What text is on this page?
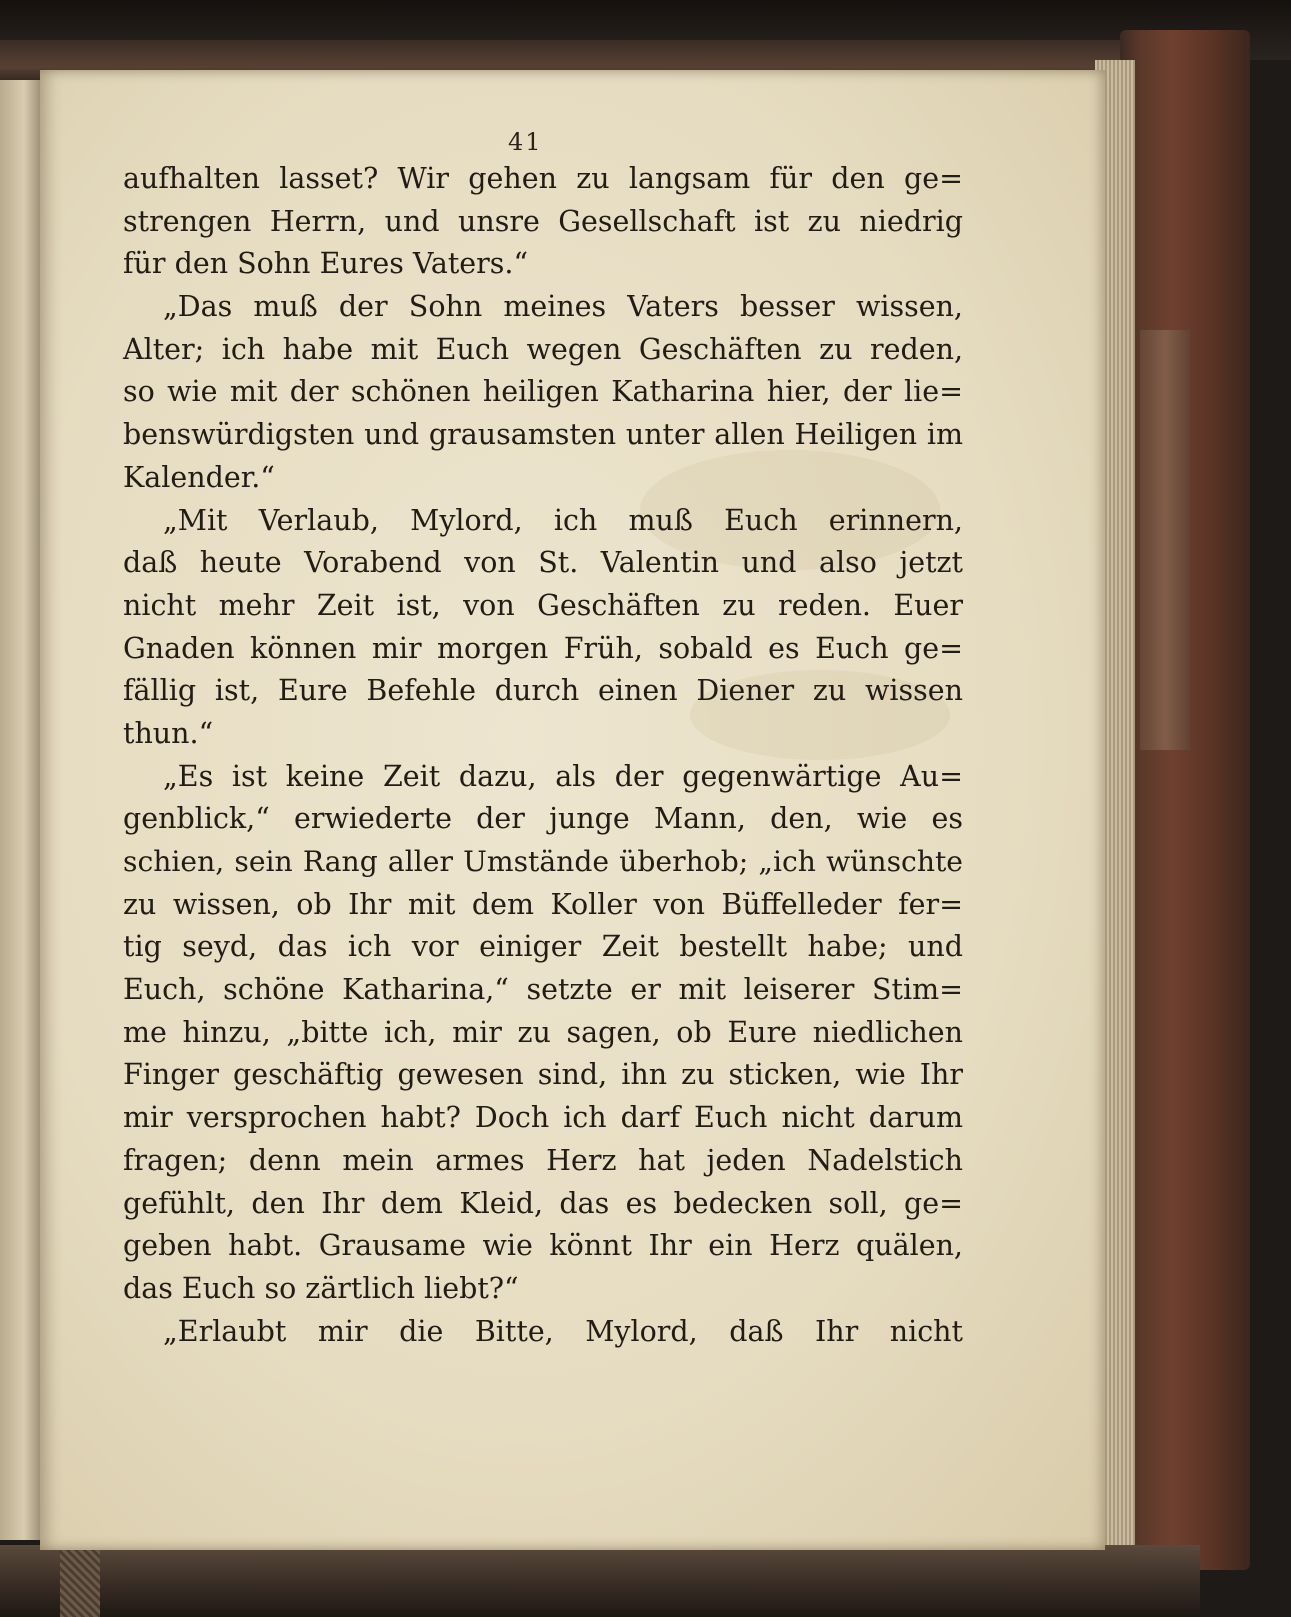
41
aufhalten lasset? Wir gehen zu langsam für den ge=
strengen Herrn, und unsre Gesellschaft ist zu niedrig
für den Sohn Eures Vaters.“
„Das muß der Sohn meines Vaters besser wissen,
Alter; ich habe mit Euch wegen Geschäften zu reden,
so wie mit der schönen heiligen Katharina hier, der lie=
benswürdigsten und grausamsten unter allen Heiligen im
Kalender.“
„Mit Verlaub, Mylord, ich muß Euch erinnern,
daß heute Vorabend von St. Valentin und also jetzt
nicht mehr Zeit ist, von Geschäften zu reden. Euer
Gnaden können mir morgen Früh, sobald es Euch ge=
fällig ist, Eure Befehle durch einen Diener zu wissen
thun.“
„Es ist keine Zeit dazu, als der gegenwärtige Au=
genblick,“ erwiederte der junge Mann, den, wie es
schien, sein Rang aller Umstände überhob; „ich wünschte
zu wissen, ob Ihr mit dem Koller von Büffelleder fer=
tig seyd, das ich vor einiger Zeit bestellt habe; und
Euch, schöne Katharina,“ setzte er mit leiserer Stim=
me hinzu, „bitte ich, mir zu sagen, ob Eure niedlichen
Finger geschäftig gewesen sind, ihn zu sticken, wie Ihr
mir versprochen habt? Doch ich darf Euch nicht darum
fragen; denn mein armes Herz hat jeden Nadelstich
gefühlt, den Ihr dem Kleid, das es bedecken soll, ge=
geben habt. Grausame wie könnt Ihr ein Herz quälen,
das Euch so zärtlich liebt?“
„Erlaubt mir die Bitte, Mylord, daß Ihr nicht
